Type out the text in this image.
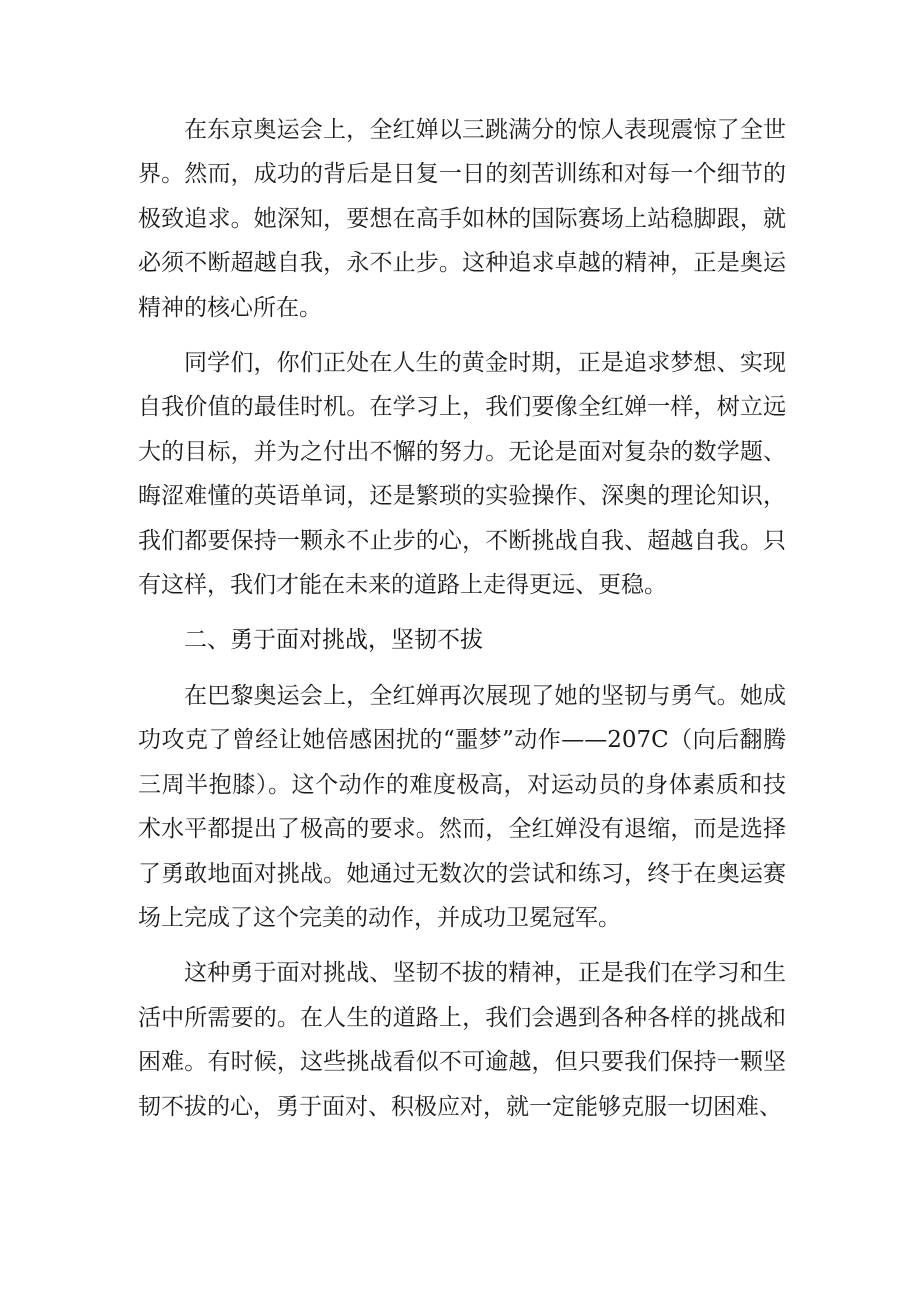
在东京奥运会上，全红婵以三跳满分的惊人表现震惊了全世界。然而，成功的背后是日复一日的刻苦训练和对每一个细节的极致追求。她深知，要想在高手如林的国际赛场上站稳脚跟，就必须不断超越自我，永不止步。这种追求卓越的精神，正是奥运精神的核心所在。

同学们，你们正处在人生的黄金时期，正是追求梦想、实现自我价值的最佳时机。在学习上，我们要像全红婵一样，树立远大的目标，并为之付出不懈的努力。无论是面对复杂的数学题、晦涩难懂的英语单词，还是繁琐的实验操作、深奥的理论知识，我们都要保持一颗永不止步的心，不断挑战自我、超越自我。只有这样，我们才能在未来的道路上走得更远、更稳。

二、勇于面对挑战，坚韧不拔

在巴黎奥运会上，全红婵再次展现了她的坚韧与勇气。她成功攻克了曾经让她倍感困扰的“噩梦”动作——207C（向后翻腾三周半抱膝）。这个动作的难度极高，对运动员的身体素质和技术水平都提出了极高的要求。然而，全红婵没有退缩，而是选择了勇敢地面对挑战。她通过无数次的尝试和练习，终于在奥运赛场上完成了这个完美的动作，并成功卫冕冠军。

这种勇于面对挑战、坚韧不拔的精神，正是我们在学习和生活中所需要的。在人生的道路上，我们会遇到各种各样的挑战和困难。有时候，这些挑战看似不可逾越，但只要我们保持一颗坚韧不拔的心，勇于面对、积极应对，就一定能够克服一切困难、
